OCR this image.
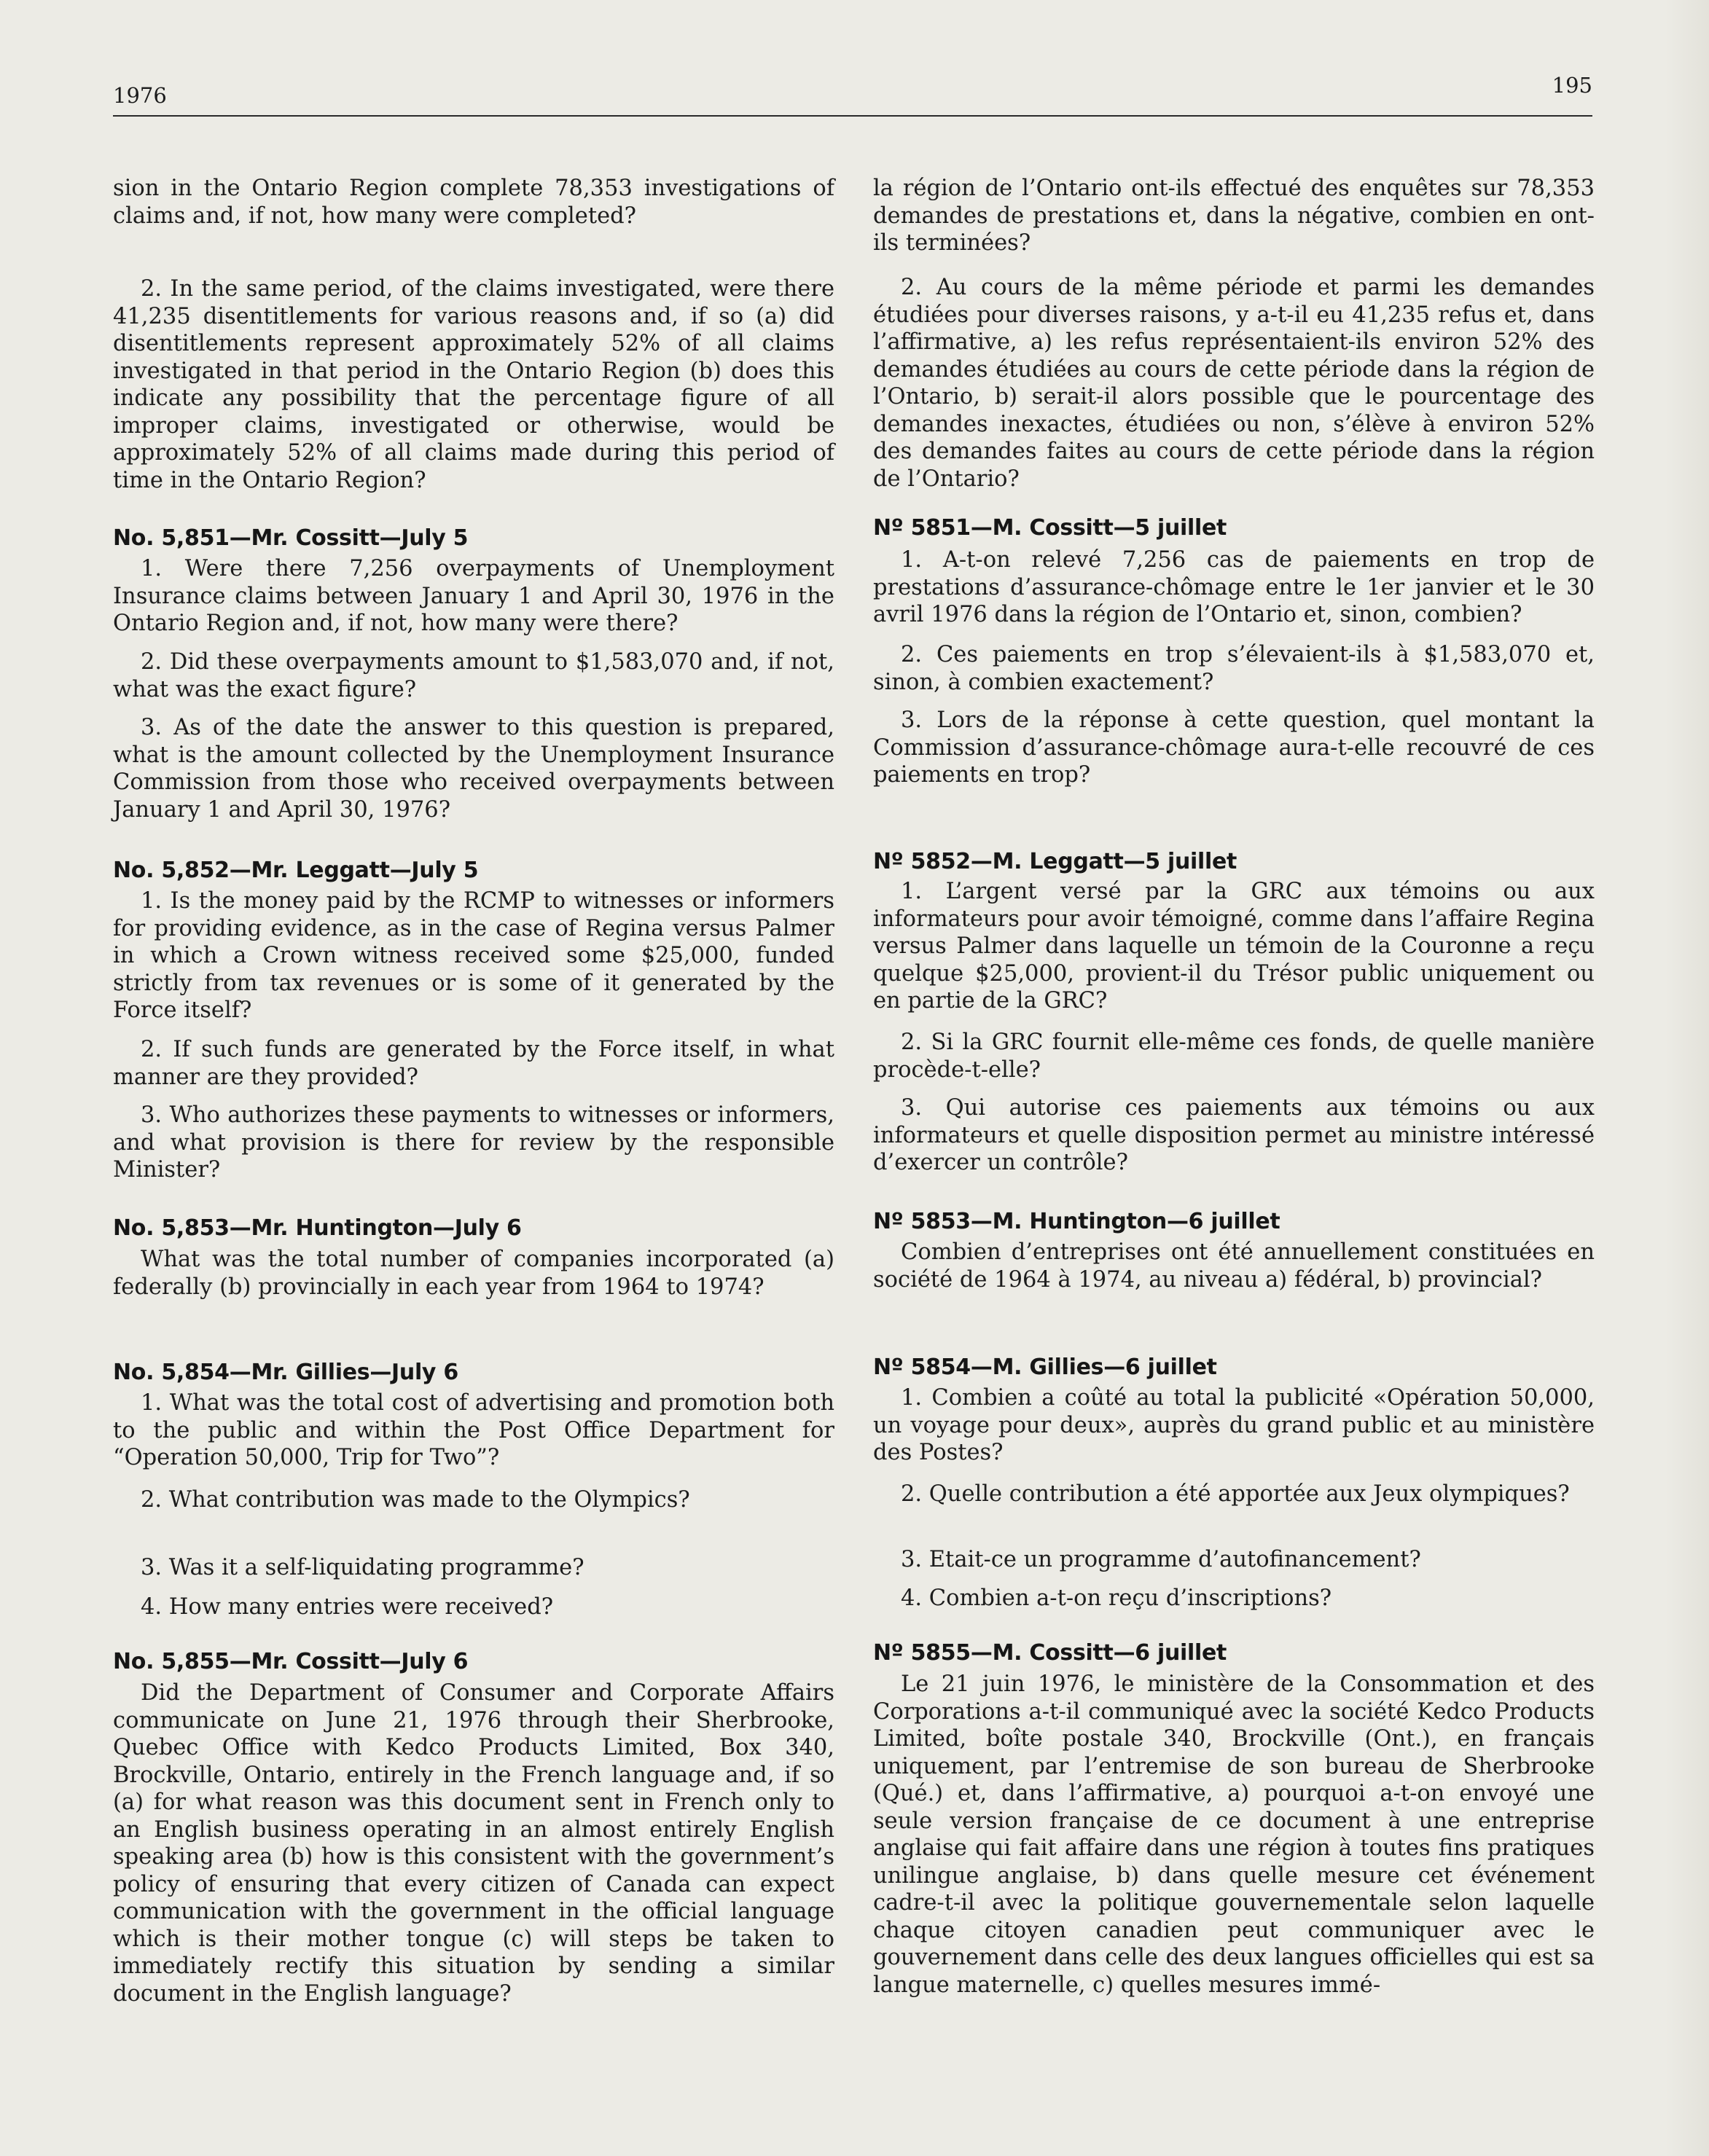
1976	195

sion in the Ontario Region complete 78,353 investigations of claims and, if not, how many were completed?

2. In the same period, of the claims investigated, were there 41,235 disentitlements for various reasons and, if so (a) did disentitlements represent approximately 52% of all claims investigated in that period in the Ontario Region (b) does this indicate any possibility that the percentage figure of all improper claims, investigated or otherwise, would be approximately 52% of all claims made during this period of time in the Ontario Region?

No. 5,851—Mr. Cossitt—July 5

1. Were there 7,256 overpayments of Unemployment Insurance claims between January 1 and April 30, 1976 in the Ontario Region and, if not, how many were there?

2. Did these overpayments amount to $1,583,070 and, if not, what was the exact figure?

3. As of the date the answer to this question is prepared, what is the amount collected by the Unemployment Insurance Commission from those who received overpayments between January 1 and April 30, 1976?

No. 5,852—Mr. Leggatt—July 5

1. Is the money paid by the RCMP to witnesses or informers for providing evidence, as in the case of Regina versus Palmer in which a Crown witness received some $25,000, funded strictly from tax revenues or is some of it generated by the Force itself?

2. If such funds are generated by the Force itself, in what manner are they provided?

3. Who authorizes these payments to witnesses or informers, and what provision is there for review by the responsible Minister?

No. 5,853—Mr. Huntington—July 6

What was the total number of companies incorporated (a) federally (b) provincially in each year from 1964 to 1974?

No. 5,854—Mr. Gillies—July 6

1. What was the total cost of advertising and promotion both to the public and within the Post Office Department for “Operation 50,000, Trip for Two”?

2. What contribution was made to the Olympics?

3. Was it a self-liquidating programme?

4. How many entries were received?

No. 5,855—Mr. Cossitt—July 6

Did the Department of Consumer and Corporate Affairs communicate on June 21, 1976 through their Sherbrooke, Quebec Office with Kedco Products Limited, Box 340, Brockville, Ontario, entirely in the French language and, if so (a) for what reason was this document sent in French only to an English business operating in an almost entirely English speaking area (b) how is this consistent with the government’s policy of ensuring that every citizen of Canada can expect communication with the government in the official language which is their mother tongue (c) will steps be taken to immediately rectify this situation by sending a similar document in the English language?

la région de l’Ontario ont-ils effectué des enquêtes sur 78,353 demandes de prestations et, dans la négative, combien en ont-ils terminées?

2. Au cours de la même période et parmi les demandes étudiées pour diverses raisons, y a-t-il eu 41,235 refus et, dans l’affirmative, a) les refus représentaient-ils environ 52% des demandes étudiées au cours de cette période dans la région de l’Ontario, b) serait-il alors possible que le pourcentage des demandes inexactes, étudiées ou non, s’élève à environ 52% des demandes faites au cours de cette période dans la région de l’Ontario?

Nº 5851—M. Cossitt—5 juillet

1. A-t-on relevé 7,256 cas de paiements en trop de prestations d’assurance-chômage entre le 1er janvier et le 30 avril 1976 dans la région de l’Ontario et, sinon, combien?

2. Ces paiements en trop s’élevaient-ils à $1,583,070 et, sinon, à combien exactement?

3. Lors de la réponse à cette question, quel montant la Commission d’assurance-chômage aura-t-elle recouvré de ces paiements en trop?

Nº 5852—M. Leggatt—5 juillet

1. L’argent versé par la GRC aux témoins ou aux informateurs pour avoir témoigné, comme dans l’affaire Regina versus Palmer dans laquelle un témoin de la Couronne a reçu quelque $25,000, provient-il du Trésor public uniquement ou en partie de la GRC?

2. Si la GRC fournit elle-même ces fonds, de quelle manière procède-t-elle?

3. Qui autorise ces paiements aux témoins ou aux informateurs et quelle disposition permet au ministre intéressé d’exercer un contrôle?

Nº 5853—M. Huntington—6 juillet

Combien d’entreprises ont été annuellement constituées en société de 1964 à 1974, au niveau a) fédéral, b) provincial?

Nº 5854—M. Gillies—6 juillet

1. Combien a coûté au total la publicité «Opération 50,000, un voyage pour deux», auprès du grand public et au ministère des Postes?

2. Quelle contribution a été apportée aux Jeux olympiques?

3. Etait-ce un programme d’autofinancement?

4. Combien a-t-on reçu d’inscriptions?

Nº 5855—M. Cossitt—6 juillet

Le 21 juin 1976, le ministère de la Consommation et des Corporations a-t-il communiqué avec la société Kedco Products Limited, boîte postale 340, Brockville (Ont.), en français uniquement, par l’entremise de son bureau de Sherbrooke (Qué.) et, dans l’affirmative, a) pourquoi a-t-on envoyé une seule version française de ce document à une entreprise anglaise qui fait affaire dans une région à toutes fins pratiques unilingue anglaise, b) dans quelle mesure cet événement cadre-t-il avec la politique gouvernementale selon laquelle chaque citoyen canadien peut communiquer avec le gouvernement dans celle des deux langues officielles qui est sa langue maternelle, c) quelles mesures immé-
